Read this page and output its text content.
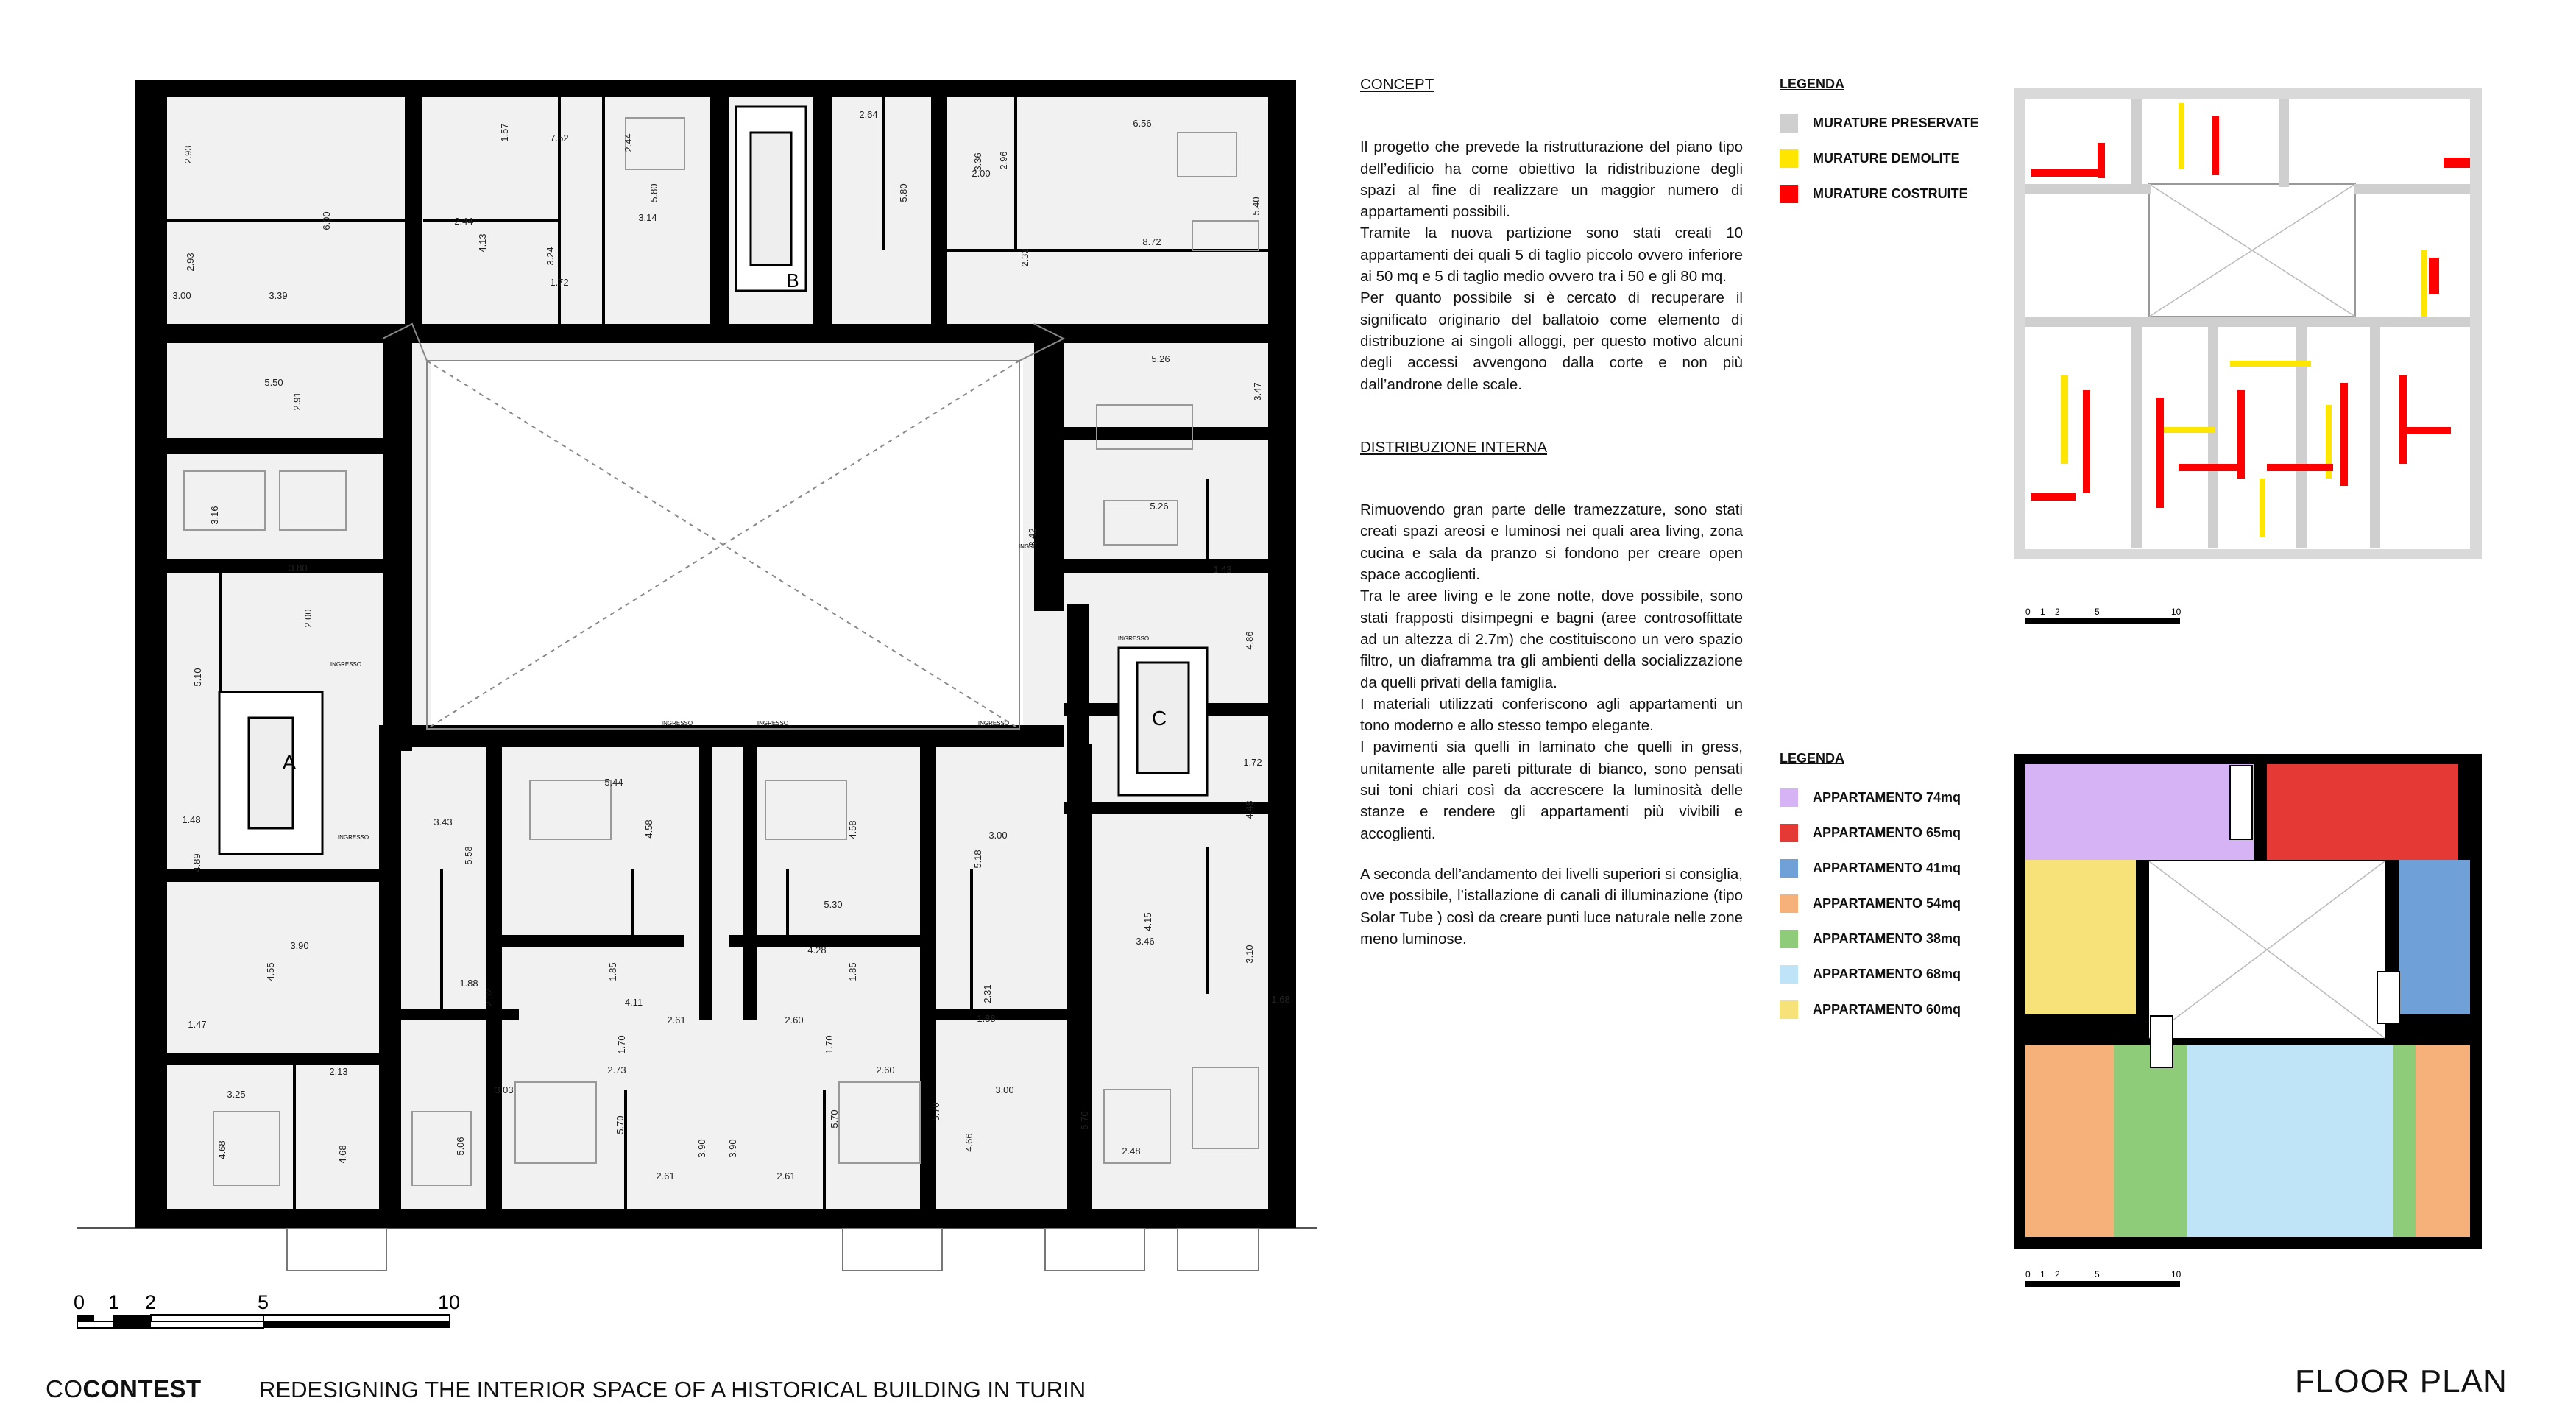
A
B
C
0 1 2	5	10
2.93
6.00
1.57	7.52	2.44
5.80
2.64
3.36 2.96
6.56
5.40
2.44
4.13
3.24
1.72
3.14
2.00
5.80
2.32
8.72
2.93
3.00	3.39
5.50
2.91
5.26
3.47
3.16
3.80
5.26
3.42
1.43
2.00
5.10
4.86
1.48
1.72
4.89
4.48
3.43
5.58
5.44
4.58	4.58
5.18
3.00
4.15
3.46
5.30
4.28
3.90
4.55	1.85	1.85
1.88
2.32	4.11
2.61
2.31
1.88
1.47	2.60
1.70	1.70
3.10
1.68
3.25
2.13
3.03
2.73	2.60
3.00
5.70
4.68	4.68	5.06
5.70
3.90 3.90
5.70
4.66
5.70
2.61	2.61
2.48
INGRESSO
INGRESSO	INGRESSO	INGRESSO
INGRESSO
INGRESSO
INGRESSO
INGRESSO
INGRESSO
INGRESSO
CONCEPT

Il progetto che prevede la ristrutturazione del piano tipo dell’edificio ha come obiettivo la ridistribuzione degli spazi al fine di realizzare un maggior numero di appartamenti possibili.

Tramite la nuova partizione sono stati creati 10 appartamenti dei quali 5 di taglio piccolo ovvero inferiore ai 50 mq e 5 di taglio medio ovvero tra i 50 e gli 80 mq.

Per quanto possibile si è cercato di recuperare il significato originario del ballatoio come elemento di distribuzione ai singoli alloggi, per questo motivo alcuni degli accessi avvengono dalla corte e non più dall’androne delle scale.

DISTRIBUZIONE INTERNA

Rimuovendo gran parte delle tramezzature, sono stati creati spazi areosi e luminosi nei quali area living, zona cucina e sala da pranzo si fondono per creare open space accoglienti.

Tra le aree living e le zone notte, dove possibile, sono stati frapposti disimpegni e bagni (aree controsoffittate ad un altezza di 2.7m) che costituiscono un vero spazio filtro, un diaframma tra gli ambienti della socializzazione da quelli privati della famiglia.

I materiali utilizzati conferiscono agli appartamenti un tono moderno e allo stesso tempo elegante.

I pavimenti sia quelli in laminato che quelli in gress, unitamente alle pareti pitturate di bianco, sono pensati sui toni chiari così da accrescere la luminosità delle stanze e rendere gli appartamenti più vivibili e accoglienti.

A seconda dell’andamento dei livelli superiori si consiglia, ove possibile, l’istallazione di canali di illuminazione (tipo Solar Tube ) così da creare punti luce naturale nelle zone meno luminose.

LEGENDA
MURATURE PRESERVATE
MURATURE DEMOLITE
MURATURE COSTRUITE
LEGENDA
APPARTAMENTO 74mq
APPARTAMENTO 65mq
APPARTAMENTO 41mq
APPARTAMENTO 54mq
APPARTAMENTO 38mq
APPARTAMENTO 68mq
APPARTAMENTO 60mq
0 1 2	5	10
0 1 2	5	10
COCONTEST	REDESIGNING THE INTERIOR SPACE OF A HISTORICAL BUILDING IN TURIN	FLOOR PLAN
